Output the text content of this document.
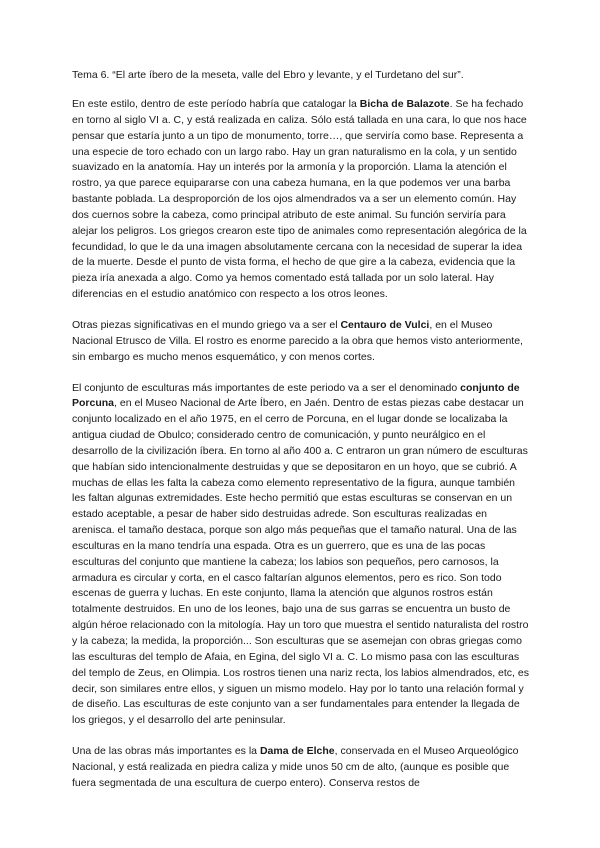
Tema 6. “El arte íbero de la meseta, valle del Ebro y levante, y el Turdetano del sur”.

En este estilo, dentro de este período habría que catalogar la Bicha de Balazote. Se ha fechado en torno al siglo VI a. C, y está realizada en caliza. Sólo está tallada en una cara, lo que nos hace pensar que estaría junto a un tipo de monumento, torre…, que serviría como base. Representa a una especie de toro echado con un largo rabo. Hay un gran naturalismo en la cola, y un sentido suavizado en la anatomía. Hay un interés por la armonía y la proporción. Llama la atención el rostro, ya que parece equipararse con una cabeza humana, en la que podemos ver una barba bastante poblada. La desproporción de los ojos almendrados va a ser un elemento común. Hay dos cuernos sobre la cabeza, como principal atributo de este animal. Su función serviría para alejar los peligros. Los griegos crearon este tipo de animales como representación alegórica de la fecundidad, lo que le da una imagen absolutamente cercana con la necesidad de superar la idea de la muerte. Desde el punto de vista forma, el hecho de que gire a la cabeza, evidencia que la pieza iría anexada a algo. Como ya hemos comentado está tallada por un solo lateral. Hay diferencias en el estudio anatómico con respecto a los otros leones.

Otras piezas significativas en el mundo griego va a ser el Centauro de Vulci, en el Museo Nacional Etrusco de Villa. El rostro es enorme parecido a la obra que hemos visto anteriormente, sin embargo es mucho menos esquemático, y con menos cortes.

El conjunto de esculturas más importantes de este periodo va a ser el denominado conjunto de Porcuna, en el Museo Nacional de Arte Íbero, en Jaén. Dentro de estas piezas cabe destacar un conjunto localizado en el año 1975, en el cerro de Porcuna, en el lugar donde se localizaba la antigua ciudad de Obulco; considerado centro de comunicación, y punto neurálgico en el desarrollo de la civilización íbera. En torno al año 400 a. C entraron un gran número de esculturas que habían sido intencionalmente destruidas y que se depositaron en un hoyo, que se cubrió. A muchas de ellas les falta la cabeza como elemento representativo de la figura, aunque también les faltan algunas extremidades. Este hecho permitió que estas esculturas se conservan en un estado aceptable, a pesar de haber sido destruidas adrede. Son esculturas realizadas en arenisca. el tamaño destaca, porque son algo más pequeñas que el tamaño natural. Una de las esculturas en la mano tendría una espada. Otra es un guerrero, que es una de las pocas esculturas del conjunto que mantiene la cabeza; los labios son pequeños, pero carnosos, la armadura es circular y corta, en el casco faltarían algunos elementos, pero es rico. Son todo escenas de guerra y luchas. En este conjunto, llama la atención que algunos rostros están totalmente destruidos. En uno de los leones, bajo una de sus garras se encuentra un busto de algún héroe relacionado con la mitología. Hay un toro que muestra el sentido naturalista del rostro y la cabeza; la medida, la proporción... Son esculturas que se asemejan con obras griegas como las esculturas del templo de Afaia, en Egina, del siglo VI a. C. Lo mismo pasa con las esculturas del templo de Zeus, en Olimpia. Los rostros tienen una nariz recta, los labios almendrados, etc, es decir, son similares entre ellos, y siguen un mismo modelo. Hay por lo tanto una relación formal y de diseño. Las esculturas de este conjunto van a ser fundamentales para entender la llegada de los griegos, y el desarrollo del arte peninsular.

Una de las obras más importantes es la Dama de Elche, conservada en el Museo Arqueológico Nacional, y está realizada en piedra caliza y mide unos 50 cm de alto, (aunque es posible que fuera segmentada de una escultura de cuerpo entero). Conserva restos de
